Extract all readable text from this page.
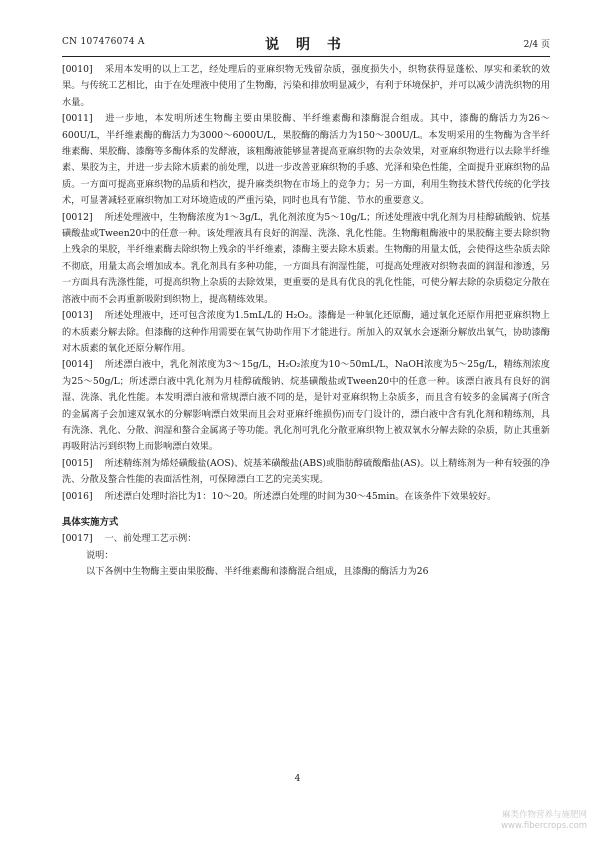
CN 107476074 A	说 明 书	2/4 页

[0010] 采用本发明的以上工艺，经处理后的亚麻织物无残留杂质，强度损失小，织物获得显蓬松、厚实和柔软的效果。与传统工艺相比，由于在处理液中使用了生物酶，污染和排放明显减少，有利于环境保护，并可以减少清洗织物的用水量。

[0011] 进一步地，本发明所述生物酶主要由果胶酶、半纤维素酶和漆酶混合组成。其中，漆酶的酶活力为26～600U/L，半纤维素酶的酶活力为3000～6000U/L，果胶酶的酶活力为150～300U/L。本发明采用的生物酶为含半纤维素酶、果胶酶、漆酶等多酶体系的发酵液，该粗酶液能够显著提高亚麻织物的去杂效果，对亚麻织物进行以去除半纤维素、果胶为主，并进一步去除木质素的前处理，以进一步改善亚麻织物的手感、光泽和染色性能，全面提升亚麻织物的品质。一方面可提高亚麻织物的品质和档次，提升麻类织物在市场上的竞争力；另一方面，利用生物技术替代传统的化学技术，可显著减轻亚麻织物加工对环境造成的严重污染，同时也具有节能、节水的重要意义。

[0012] 所述处理液中，生物酶浓度为1～3g/L，乳化剂浓度为5～10g/L；所述处理液中乳化剂为月桂醇硫酸钠、烷基磺酸盐或Tween20中的任意一种。该处理液具有良好的润湿、洗涤、乳化性能。生物酶粗酶液中的果胶酶主要去除织物上残余的果胶，半纤维素酶去除织物上残余的半纤维素，漆酶主要去除木质素。生物酶的用量太低，会使得这些杂质去除不彻底，用量太高会增加成本。乳化剂具有多种功能，一方面具有润湿性能，可提高处理液对织物表面的润湿和渗透，另一方面具有洗涤性能，可提高织物上杂质的去除效果，更重要的是具有优良的乳化性能，可使分解去除的杂质稳定分散在溶液中而不会再重新吸附到织物上，提高精练效果。

[0013] 所述处理液中，还可包含浓度为1.5mL/L的 H₂O₂。漆酶是一种氧化还原酶，通过氧化还原作用把亚麻织物上的木质素分解去除。但漆酶的这种作用需要在氧气协助作用下才能进行。所加入的双氧水会逐渐分解放出氧气，协助漆酶对木质素的氧化还原分解作用。

[0014] 所述漂白液中，乳化剂浓度为3～15g/L，H₂O₂浓度为10～50mL/L，NaOH浓度为5～25g/L，精练剂浓度为25～50g/L；所述漂白液中乳化剂为月桂醇硫酸钠、烷基磺酸盐或Tween20中的任意一种。该漂白液具有良好的润湿、洗涤、乳化性能。本发明漂白液和常规漂白液不同的是，是针对亚麻织物上杂质多，而且含有较多的金属离子(所含的金属离子会加速双氧水的分解影响漂白效果而且会对亚麻纤维损伤)而专门设计的，漂白液中含有乳化剂和精练剂，具有洗涤、乳化、分散、润湿和螯合金属离子等功能。乳化剂可乳化分散亚麻织物上被双氧水分解去除的杂质，防止其重新再吸附沾污到织物上而影响漂白效果。

[0015] 所述精练剂为烯烃磺酸盐(AOS)、烷基苯磺酸盐(ABS)或脂肪醇硫酸酯盐(AS)。以上精练剂为一种有较强的净洗、分散及螯合性能的表面活性剂，可保障漂白工艺的完美实现。

[0016] 所述漂白处理时浴比为1：10～20。所述漂白处理的时间为30～45min。在该条件下效果较好。

具体实施方式

[0017] 一、前处理工艺示例：

说明：

以下各例中生物酶主要由果胶酶、半纤维素酶和漆酶混合组成，且漆酶的酶活力为26

4
麻类作物营养与施肥网
www.fibercrops.com
